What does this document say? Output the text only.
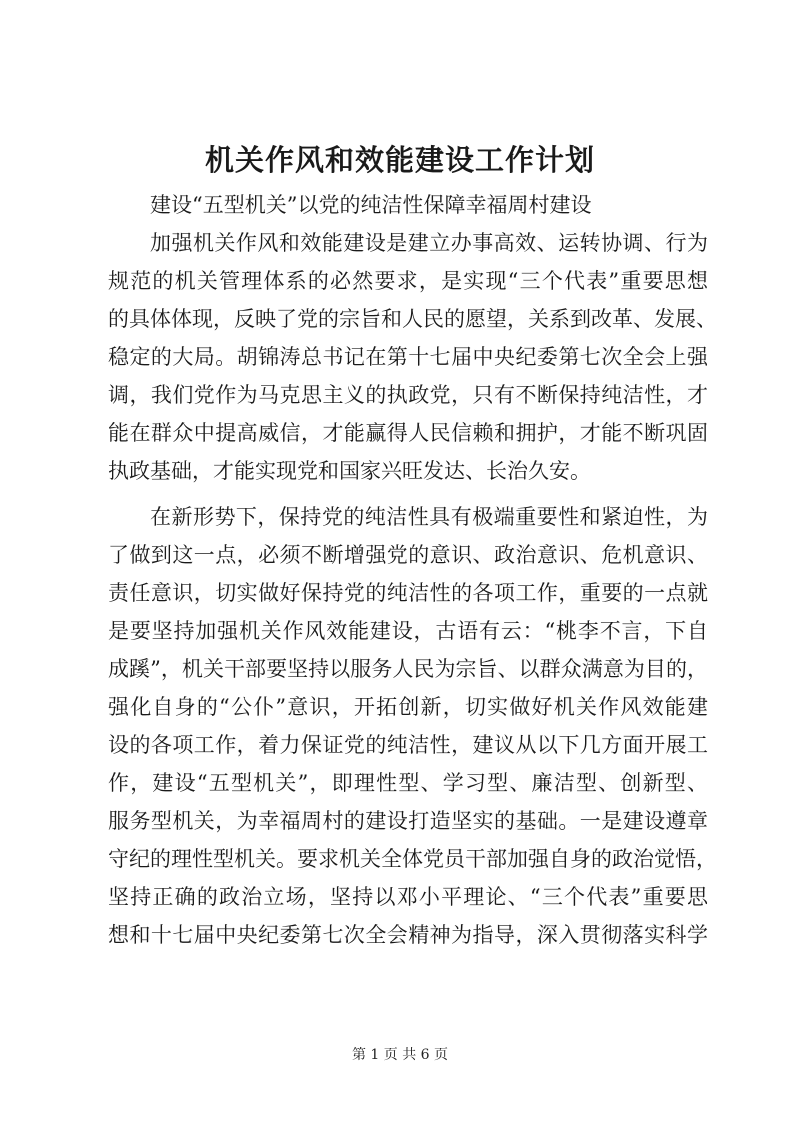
机关作风和效能建设工作计划
建设“五型机关”以党的纯洁性保障幸福周村建设
加强机关作风和效能建设是建立办事高效、运转协调、行为
规范的机关管理体系的必然要求，是实现“三个代表”重要思想
的具体体现，反映了党的宗旨和人民的愿望，关系到改革、发展、
稳定的大局。胡锦涛总书记在第十七届中央纪委第七次全会上强
调，我们党作为马克思主义的执政党，只有不断保持纯洁性，才
能在群众中提高威信，才能赢得人民信赖和拥护，才能不断巩固
执政基础，才能实现党和国家兴旺发达、长治久安。
在新形势下，保持党的纯洁性具有极端重要性和紧迫性，为
了做到这一点，必须不断增强党的意识、政治意识、危机意识、
责任意识，切实做好保持党的纯洁性的各项工作，重要的一点就
是要坚持加强机关作风效能建设，古语有云：“桃李不言，下自
成蹊”，机关干部要坚持以服务人民为宗旨、以群众满意为目的，
强化自身的“公仆”意识，开拓创新，切实做好机关作风效能建
设的各项工作，着力保证党的纯洁性，建议从以下几方面开展工
作，建设“五型机关”，即理性型、学习型、廉洁型、创新型、
服务型机关，为幸福周村的建设打造坚实的基础。一是建设遵章
守纪的理性型机关。要求机关全体党员干部加强自身的政治觉悟，
坚持正确的政治立场，坚持以邓小平理论、“三个代表”重要思
想和十七届中央纪委第七次全会精神为指导，深入贯彻落实科学
第 1 页 共 6 页
